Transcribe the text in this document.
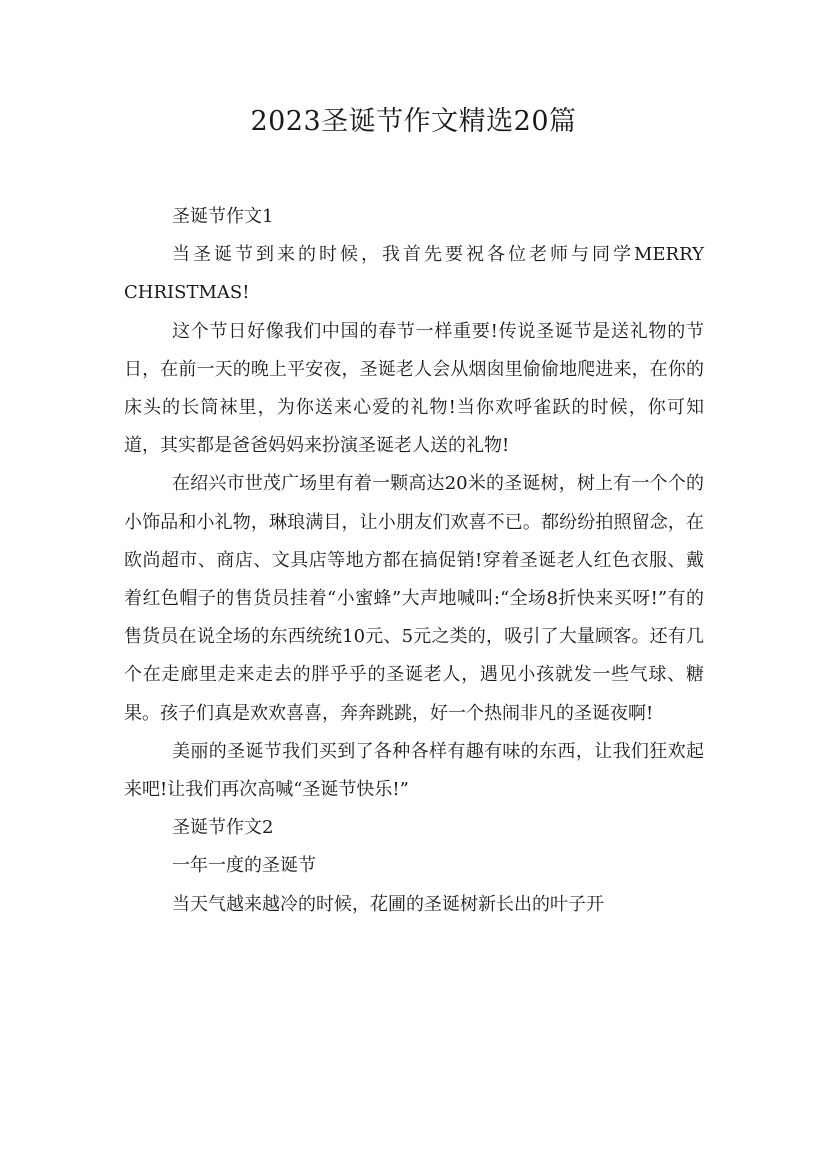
2023圣诞节作文精选20篇

圣诞节作文1

当圣诞节到来的时候，我首先要祝各位老师与同学MERRY CHRISTMAS!

这个节日好像我们中国的春节一样重要!传说圣诞节是送礼物的节日，在前一天的晚上平安夜，圣诞老人会从烟囱里偷偷地爬进来，在你的床头的长筒袜里，为你送来心爱的礼物!当你欢呼雀跃的时候，你可知道，其实都是爸爸妈妈来扮演圣诞老人送的礼物!

在绍兴市世茂广场里有着一颗高达20米的圣诞树，树上有一个个的小饰品和小礼物，琳琅满目，让小朋友们欢喜不已。都纷纷拍照留念，在欧尚超市、商店、文具店等地方都在搞促销!穿着圣诞老人红色衣服、戴着红色帽子的售货员挂着“小蜜蜂”大声地喊叫:“全场8折快来买呀!”有的售货员在说全场的东西统统10元、5元之类的，吸引了大量顾客。还有几个在走廊里走来走去的胖乎乎的圣诞老人，遇见小孩就发一些气球、糖果。孩子们真是欢欢喜喜，奔奔跳跳，好一个热闹非凡的圣诞夜啊!

美丽的圣诞节我们买到了各种各样有趣有味的东西，让我们狂欢起来吧!让我们再次高喊“圣诞节快乐!”

圣诞节作文2

一年一度的圣诞节

当天气越来越冷的时候，花圃的圣诞树新长出的叶子开
